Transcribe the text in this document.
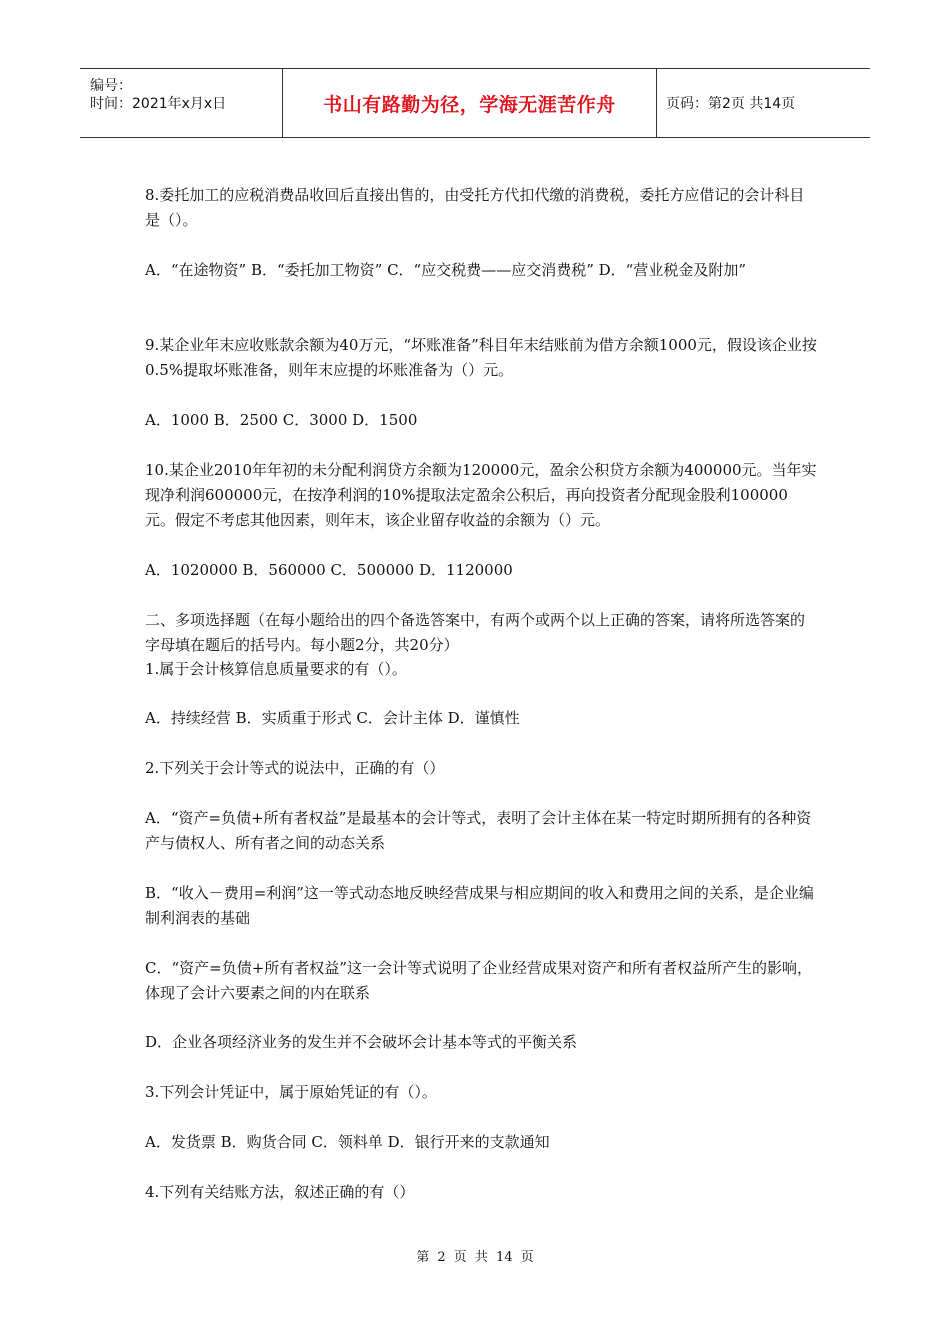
编号：
时间：2021年x月x日	书山有路勤为径，学海无涯苦作舟	页码：第2页 共14页
8.委托加工的应税消费品收回后直接出售的，由受托方代扣代缴的消费税，委托方应借记的会计科目是（）。
A．“在途物资” B．“委托加工物资” C．“应交税费——应交消费税” D．“营业税金及附加”
9.某企业年末应收账款余额为40万元，“坏账准备”科目年末结账前为借方余额1000元，假设该企业按0.5%提取坏账准备，则年末应提的坏账准备为（）元。
A．1000 B．2500 C．3000 D．1500
10.某企业2010年年初的未分配利润贷方余额为120000元，盈余公积贷方余额为400000元。当年实现净利润600000元，在按净利润的10%提取法定盈余公积后，再向投资者分配现金股利100000元。假定不考虑其他因素，则年末，该企业留存收益的余额为（）元。
A．1020000 B．560000 C．500000 D．1120000
二、多项选择题（在每小题给出的四个备选答案中，有两个或两个以上正确的答案，请将所选答案的字母填在题后的括号内。每小题2分，共20分）
1.属于会计核算信息质量要求的有（）。
A．持续经营 B．实质重于形式 C．会计主体 D．谨慎性
2.下列关于会计等式的说法中，正确的有（）
A．“资产=负债+所有者权益”是最基本的会计等式，表明了会计主体在某一特定时期所拥有的各种资产与债权人、所有者之间的动态关系
B．“收入－费用=利润”这一等式动态地反映经营成果与相应期间的收入和费用之间的关系，是企业编制利润表的基础
C．“资产=负债+所有者权益”这一会计等式说明了企业经营成果对资产和所有者权益所产生的影响，体现了会计六要素之间的内在联系
D．企业各项经济业务的发生并不会破坏会计基本等式的平衡关系
3.下列会计凭证中，属于原始凭证的有（）。
A．发货票 B．购货合同 C．领料单 D．银行开来的支款通知
4.下列有关结账方法，叙述正确的有（）
第 2 页 共 14 页
